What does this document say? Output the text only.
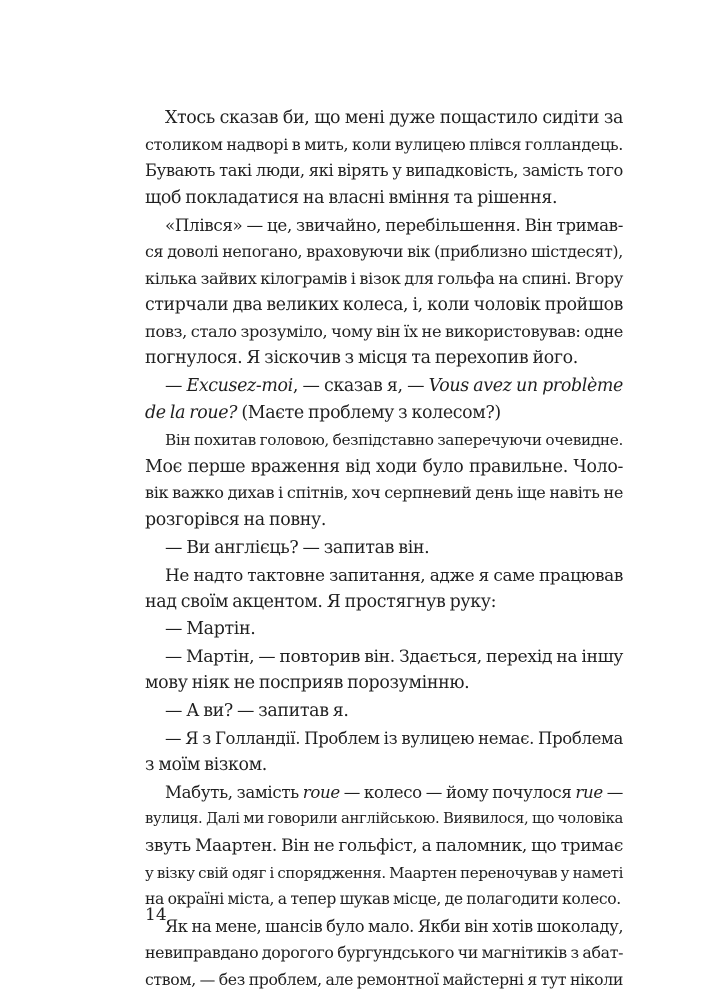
Хтось сказав би, що мені дуже пощастило сидіти за
столиком надворі в мить, коли вулицею плівся голландець.
Бувають такі люди, які вірять у випадковість, замість того
щоб покладатися на власні вміння та рішення.
«Плівся» — це, звичайно, перебільшення. Він тримав-
ся доволі непогано, враховуючи вік (приблизно шістдесят),
кілька зайвих кілограмів і візок для гольфа на спині. Вгору
стирчали два великих колеса, і, коли чоловік пройшов
повз, стало зрозуміло, чому він їх не використовував: одне
погнулося. Я зіскочив з місця та перехопив його.
— Excusez-moi, — сказав я, — Vous avez un problème
de la roue? (Маєте проблему з колесом?)
Він похитав головою, безпідставно заперечуючи очевидне.
Моє перше враження від ходи було правильне. Чоло-
вік важко дихав і спітнів, хоч серпневий день іще навіть не
розгорівся на повну.
— Ви англієць? — запитав він.
Не надто тактовне запитання, адже я саме працював
над своїм акцентом. Я простягнув руку:
— Мартін.
— Мартін, — повторив він. Здається, перехід на іншу
мову ніяк не посприяв порозумінню.
— А ви? — запитав я.
— Я з Голландії. Проблем із вулицею немає. Проблема
з моїм візком.
Мабуть, замість roue — колесо — йому почулося rue —
вулиця. Далі ми говорили англійською. Виявилося, що чоловіка
звуть Маартен. Він не гольфіст, а паломник, що тримає
у візку свій одяг і спорядження. Маартен переночував у наметі
на окраїні міста, а тепер шукав місце, де полагодити колесо.
Як на мене, шансів було мало. Якби він хотів шоколаду,
невиправдано дорогого бургундського чи магнітиків з абат-
ством, — без проблем, але ремонтної майстерні я тут ніколи
14
